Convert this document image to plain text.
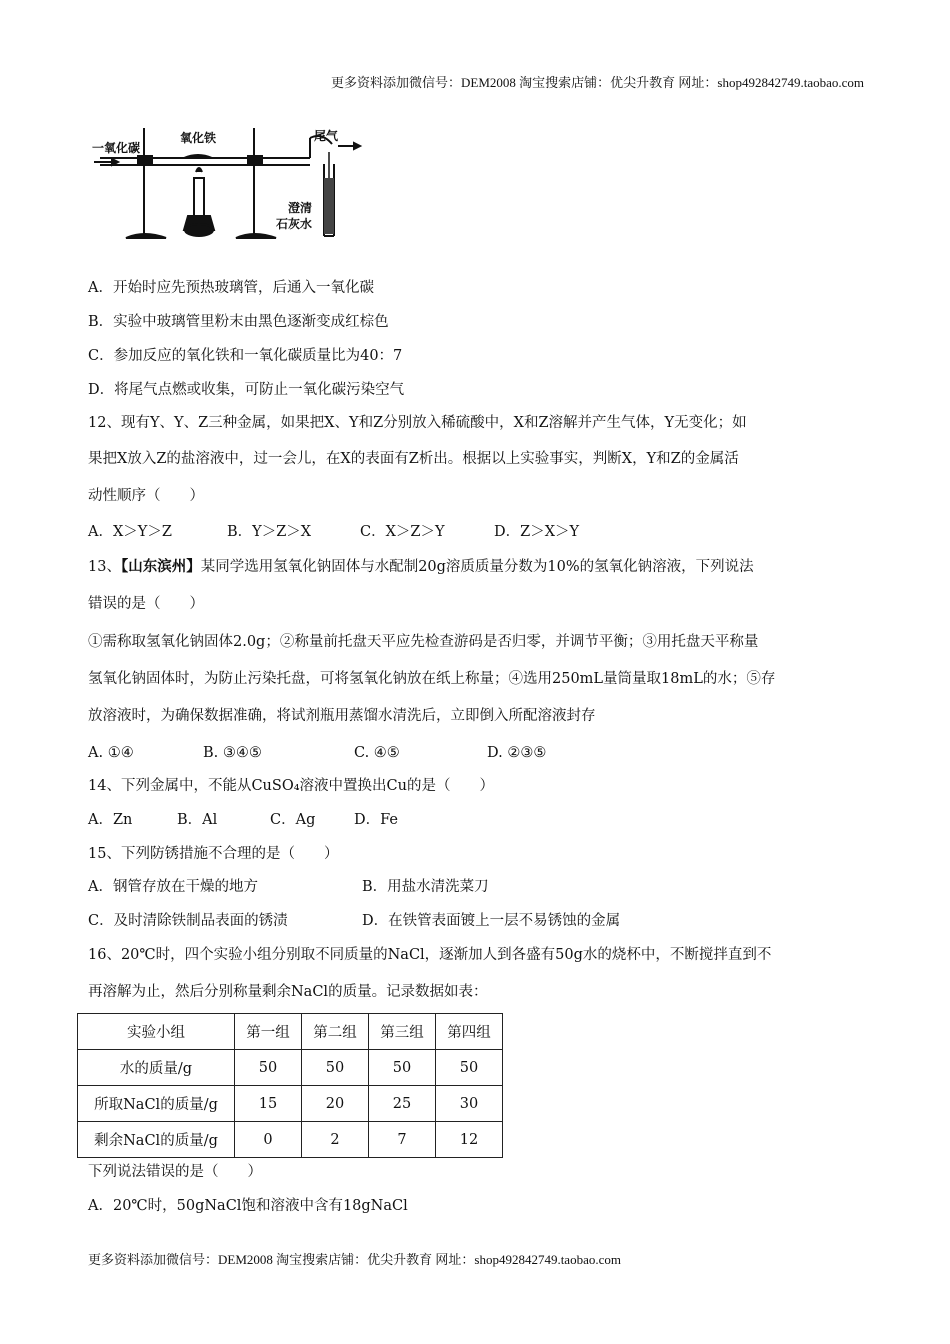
更多资料添加微信号：DEM2008 淘宝搜索店铺：优尖升教育 网址：shop492842749.taobao.com
一氧化碳
氧化铁	尾气
澄清
石灰水
A．开始时应先预热玻璃管，后通入一氧化碳
B．实验中玻璃管里粉末由黑色逐渐变成红棕色
C．参加反应的氧化铁和一氧化碳质量比为40：7
D．将尾气点燃或收集，可防止一氧化碳污染空气
12、现有Y、Y、Z三种金属，如果把X、Y和Z分别放入稀硫酸中，X和Z溶解并产生气体，Y无变化；如
果把X放入Z的盐溶液中，过一会儿，在X的表面有Z析出。根据以上实验事实，判断X，Y和Z的金属活
动性顺序（　　）
A．X＞Y＞Z	B．Y＞Z＞X	C．X＞Z＞Y	D．Z＞X＞Y
13、【山东滨州】某同学选用氢氧化钠固体与水配制20g溶质质量分数为10%的氢氧化钠溶液，下列说法
错误的是（　　）
①需称取氢氧化钠固体2.0g；②称量前托盘天平应先检查游码是否归零，并调节平衡；③用托盘天平称量
氢氧化钠固体时，为防止污染托盘，可将氢氧化钠放在纸上称量；④选用250mL量筒量取18mL的水；⑤存
放溶液时，为确保数据准确，将试剂瓶用蒸馏水清洗后，立即倒入所配溶液封存
A. ①④	B. ③④⑤	C. ④⑤	D. ②③⑤
14、下列金属中，不能从CuSO₄溶液中置换出Cu的是（　　）
A．Zn	B．Al	C．Ag	D．Fe
15、下列防锈措施不合理的是（　　）
A．钢管存放在干燥的地方	B．用盐水清洗菜刀
C．及时清除铁制品表面的锈渍	D．在铁管表面镀上一层不易锈蚀的金属
16、20℃时，四个实验小组分别取不同质量的NaCl，逐渐加人到各盛有50g水的烧杯中，不断搅拌直到不
再溶解为止，然后分别称量剩余NaCl的质量。记录数据如表：
实验小组	第一组	第二组	第三组	第四组
水的质量/g	50	50	50	50
所取NaCl的质量/g	15	20	25	30
剩余NaCl的质量/g	0	2	7	12
下列说法错误的是（　　）
A．20℃时，50gNaCl饱和溶液中含有18gNaCl
更多资料添加微信号：DEM2008 淘宝搜索店铺：优尖升教育 网址：shop492842749.taobao.com
